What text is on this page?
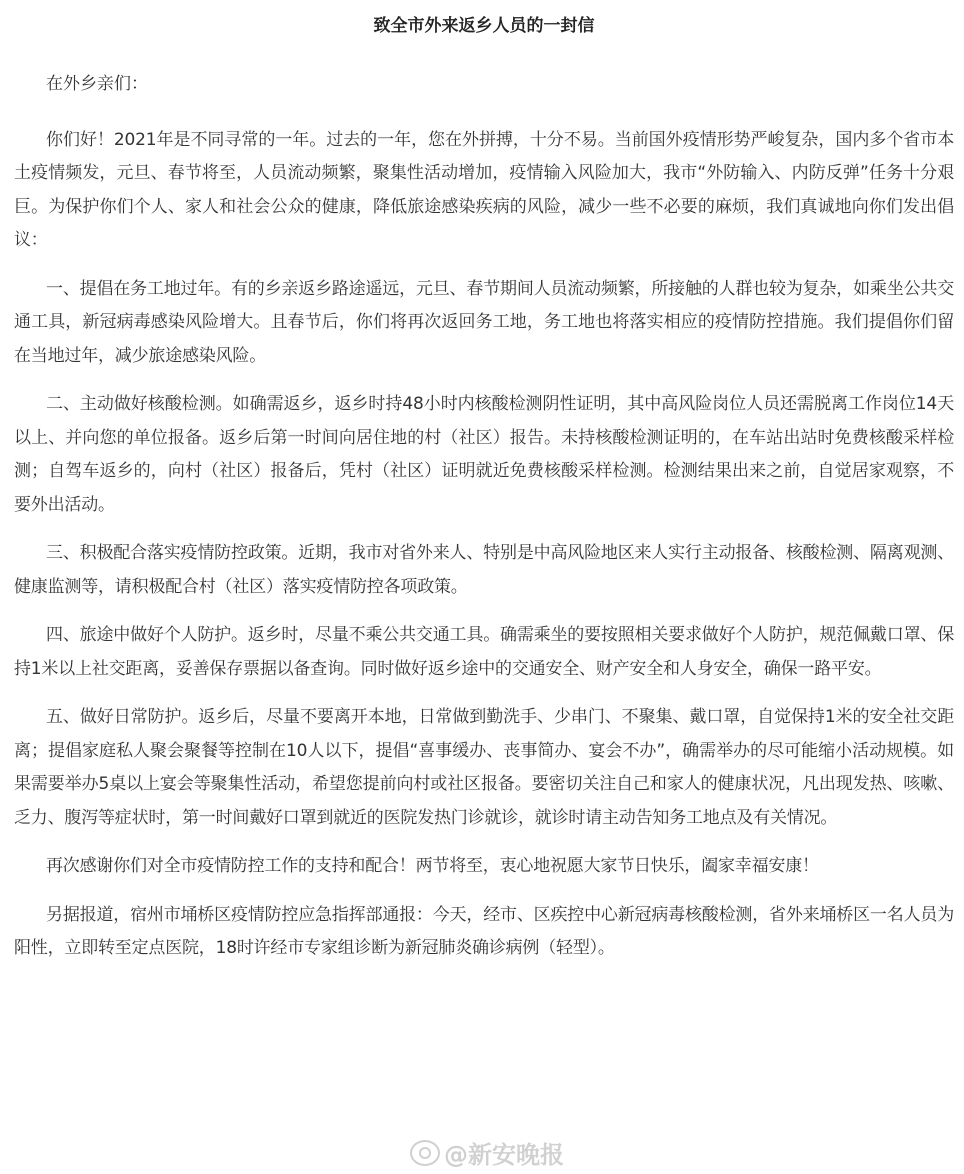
致全市外来返乡人员的一封信

在外乡亲们：

你们好！2021年是不同寻常的一年。过去的一年，您在外拼搏，十分不易。当前国外疫情形势严峻复杂，国内多个省市本土疫情频发，元旦、春节将至，人员流动频繁，聚集性活动增加，疫情输入风险加大，我市“外防输入、内防反弹”任务十分艰巨。为保护你们个人、家人和社会公众的健康，降低旅途感染疾病的风险，减少一些不必要的麻烦，我们真诚地向你们发出倡议：

一、提倡在务工地过年。有的乡亲返乡路途遥远，元旦、春节期间人员流动频繁，所接触的人群也较为复杂，如乘坐公共交通工具，新冠病毒感染风险增大。且春节后，你们将再次返回务工地，务工地也将落实相应的疫情防控措施。我们提倡你们留在当地过年，减少旅途感染风险。

二、主动做好核酸检测。如确需返乡，返乡时持48小时内核酸检测阴性证明，其中高风险岗位人员还需脱离工作岗位14天以上、并向您的单位报备。返乡后第一时间向居住地的村（社区）报告。未持核酸检测证明的，在车站出站时免费核酸采样检测；自驾车返乡的，向村（社区）报备后，凭村（社区）证明就近免费核酸采样检测。检测结果出来之前，自觉居家观察，不要外出活动。

三、积极配合落实疫情防控政策。近期，我市对省外来人、特别是中高风险地区来人实行主动报备、核酸检测、隔离观测、健康监测等，请积极配合村（社区）落实疫情防控各项政策。

四、旅途中做好个人防护。返乡时，尽量不乘公共交通工具。确需乘坐的要按照相关要求做好个人防护，规范佩戴口罩、保持1米以上社交距离，妥善保存票据以备查询。同时做好返乡途中的交通安全、财产安全和人身安全，确保一路平安。

五、做好日常防护。返乡后，尽量不要离开本地，日常做到勤洗手、少串门、不聚集、戴口罩，自觉保持1米的安全社交距离；提倡家庭私人聚会聚餐等控制在10人以下，提倡“喜事缓办、丧事简办、宴会不办”，确需举办的尽可能缩小活动规模。如果需要举办5桌以上宴会等聚集性活动，希望您提前向村或社区报备。要密切关注自己和家人的健康状况，凡出现发热、咳嗽、乏力、腹泻等症状时，第一时间戴好口罩到就近的医院发热门诊就诊，就诊时请主动告知务工地点及有关情况。

再次感谢你们对全市疫情防控工作的支持和配合！两节将至，衷心地祝愿大家节日快乐，阖家幸福安康！

另据报道，宿州市埇桥区疫情防控应急指挥部通报：今天，经市、区疾控中心新冠病毒核酸检测，省外来埇桥区一名人员为阳性，立即转至定点医院，18时许经市专家组诊断为新冠肺炎确诊病例（轻型）。

@新安晚报
